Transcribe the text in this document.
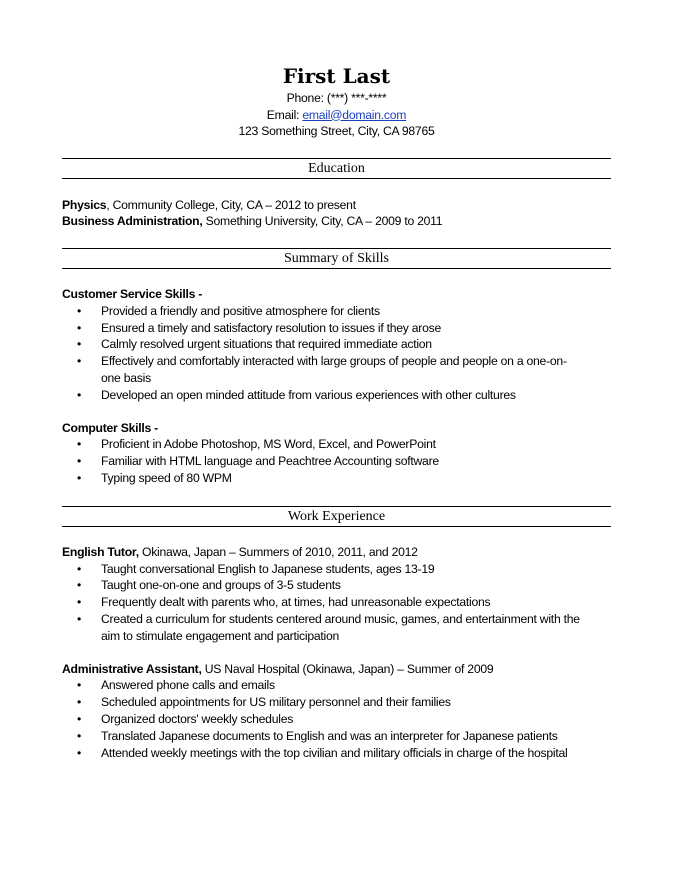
First Last
Phone: (***) ***-****
Email: email@domain.com
123 Something Street, City, CA 98765
Education
Physics, Community College, City, CA – 2012 to present
Business Administration, Something University, City, CA – 2009 to 2011
Summary of Skills
Customer Service Skills -
• Provided a friendly and positive atmosphere for clients
• Ensured a timely and satisfactory resolution to issues if they arose
• Calmly resolved urgent situations that required immediate action
• Effectively and comfortably interacted with large groups of people and people on a one-on-one basis
• Developed an open minded attitude from various experiences with other cultures
Computer Skills -
• Proficient in Adobe Photoshop, MS Word, Excel, and PowerPoint
• Familiar with HTML language and Peachtree Accounting software
• Typing speed of 80 WPM
Work Experience
English Tutor, Okinawa, Japan – Summers of 2010, 2011, and 2012
• Taught conversational English to Japanese students, ages 13-19
• Taught one-on-one and groups of 3-5 students
• Frequently dealt with parents who, at times, had unreasonable expectations
• Created a curriculum for students centered around music, games, and entertainment with the aim to stimulate engagement and participation
Administrative Assistant, US Naval Hospital (Okinawa, Japan) – Summer of 2009
• Answered phone calls and emails
• Scheduled appointments for US military personnel and their families
• Organized doctors' weekly schedules
• Translated Japanese documents to English and was an interpreter for Japanese patients
• Attended weekly meetings with the top civilian and military officials in charge of the hospital
